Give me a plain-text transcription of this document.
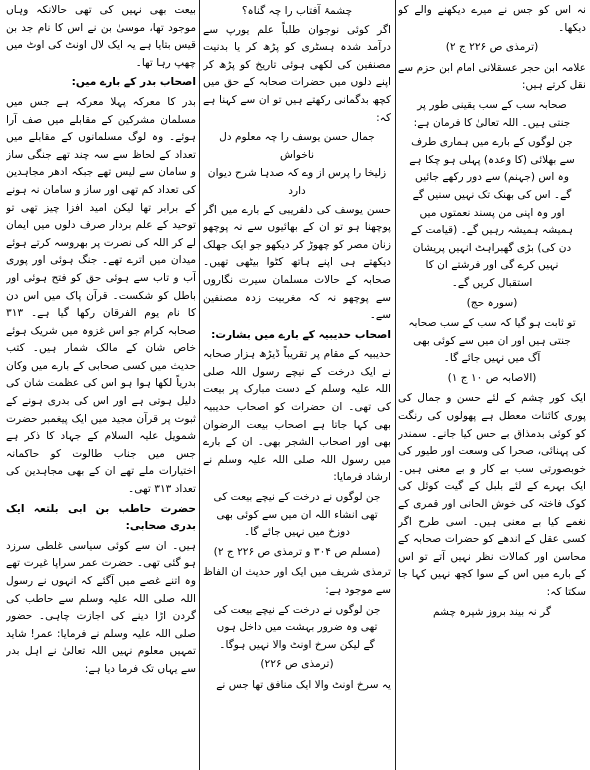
نہ اس کو جس نے میرے دیکھنے والے کو دیکھا۔
(ترمذی ص ۲۲۶ ج ۲)
علامہ ابن حجر عسقلانی امام ابن حزم سے نقل کرتے ہیں:
صحابہ سب کے سب یقینی طور پر جنتی ہیں۔ اللہ تعالیٰ کا فرمان ہے:
جن لوگوں کے بارے میں ہماری طرف سے بھلائی (کا وعدہ) پہلی ہو چکا ہے وہ اس (جہنم) سے دور رکھے جائیں گے۔ اس کی بھنک تک نہیں سنیں گے اور وہ اپنی من پسند نعمتوں میں ہمیشہ ہمیشہ رہیں گے۔ (قیامت کے دن کی) بڑی گھبراہٹ انہیں پریشان نہیں کرے گی اور فرشتے ان کا استقبال کریں گے۔
(سورہ حج)
تو ثابت ہو گیا کہ سب کے سب صحابہ جنتی ہیں اور ان میں سے کوئی بھی آگ میں نہیں جائے گا۔
(الاصابہ ص ۱۰ ج ۱)
ایک کور چشم کے لئے حسن و جمال کی پوری کائنات معطل ہے پھولوں کی رنگت کو کوئی بدمذاق بے حس کیا جانے۔ سمندر کی پہنائی، صحرا کی وسعت اور طیور کی خوبصورتی سب بے کار و بے معنی ہیں۔ ایک بہرے کے لئے بلبل کے گیت کوئل کی کوک فاختہ کی خوش الحانی اور قمری کے نغمے کیا بے معنی ہیں۔ اسی طرح اگر کسی عقل کے اندھے کو حضرات صحابہ کے محاسن اور کمالات نظر نہیں آتے تو اس کے بارے میں اس کے سوا کچھ نہیں کہا جا سکتا کہ:
گر نہ بیند بروز شپرہ چشم
چشمۂ آفتاب را چہ گناہ؟
اگر کوئی نوجوان طلباً علم یورپ سے درآمد شدہ ہسٹری کو پڑھ کر یا بدنیت مصنفین کی لکھی ہوئی تاریخ کو پڑھ کر اپنے دلوں میں حضرات صحابہ کے حق میں کچھ بدگمانی رکھتے ہیں تو ان سے کہنا ہے کہ:
جمال حسن یوسف را چہ معلوم دل ناخواش
زلیخا را پرس از وے کہ صدہا شرح دیوان دارد
حسن یوسف کی دلفریبی کے بارے میں اگر پوچھنا ہو تو ان کے بھائیوں سے نہ پوچھو زنان مصر کو چھوڑ کر دیکھو جو ایک جھلک دیکھتے ہی اپنے ہاتھ کٹوا بیٹھی تھیں۔ صحابہ کے حالات مسلمان سیرت نگاروں سے پوچھو نہ کہ مغربیت زدہ مصنفین سے۔
اصحاب حدیبیہ کے بارے میں بشارت:
حدیبیہ کے مقام پر تقریباً ڈیڑھ ہزار صحابہ نے ایک درخت کے نیچے رسول اللہ صلی اللہ علیہ وسلم کے دست مبارک پر بیعت کی تھی۔ ان حضرات کو اصحاب حدیبیہ بھی کہا جاتا ہے اصحاب بیعت الرضوان بھی اور اصحاب الشجر بھی۔ ان کے بارے میں رسول اللہ صلی اللہ علیہ وسلم نے ارشاد فرمایا:
جن لوگوں نے درخت کے نیچے بیعت کی تھی انشاء اللہ ان میں سے کوئی بھی دوزخ میں نہیں جائے گا۔
(مسلم ص ۳۰۴ و ترمذی ص ۲۲۶ ج ۲)
ترمذی شریف میں ایک اور حدیث ان الفاظ سے موجود ہے:
جن لوگوں نے درخت کے نیچے بیعت کی تھی وہ ضرور بہشت میں داخل ہوں گے لیکن سرخ اونٹ والا نہیں ہوگا۔
(ترمذی ص ۲۲۶)
یہ سرخ اونٹ والا ایک منافق تھا جس نے
بیعت بھی نہیں کی تھی حالانکہ وہاں موجود تھا، موسیٰ بن نے اس کا نام جد بن قیس بتایا ہے یہ ایک لال اونٹ کی اوٹ میں چھپ رہا تھا۔
اصحاب بدر کے بارے میں:
بدر کا معرکہ پہلا معرکہ ہے جس میں مسلمان مشرکین کے مقابلے میں صف آرا ہوئے۔ وہ لوگ مسلمانوں کے مقابلے میں تعداد کے لحاظ سے سہ چند تھے جنگی ساز و سامان سے لیس تھے جبکہ ادھر مجاہدین کی تعداد کم تھی اور ساز و سامان نہ ہونے کے برابر تھا لیکن امید افزا چیز تھی تو توحید کے علم بردار صرف دلوں میں ایمان لے کر اللہ کی نصرت پر بھروسہ کرتے ہوئے میدان میں اترے تھے۔ جنگ ہوئی اور پوری آب و تاب سے ہوئی حق کو فتح ہوئی اور باطل کو شکست۔ قرآن پاک میں اس دن کا نام یوم الفرقان رکھا گیا ہے۔ ۳۱۳ صحابہ کرام جو اس غزوہ میں شریک ہوئے خاص شان کے مالک شمار ہیں۔ کتب حدیث میں کسی صحابی کے بارے میں وکان بدریاً لکھا ہوا ہو اس کی عظمت شان کی دلیل ہوتی ہے اور اس کی بدری ہونے کے ثبوت پر قرآن مجید میں ایک پیغمبر حضرت شمویل علیہ السلام کے جہاد کا ذکر ہے جس میں جناب طالوت کو حاکمانہ اختیارات ملے تھے ان کے بھی مجاہدین کی تعداد ۳۱۳ تھی۔
حضرت حاطب بن ابی بلتعہ ایک بدری صحابی:
ہیں۔ ان سے کوئی سیاسی غلطی سرزد ہو گئی تھی۔ حضرت عمر سراپا غیرت تھے وہ اتنے غصے میں آگئے کہ انہوں نے رسول اللہ صلی اللہ علیہ وسلم سے حاطب کی گردن اڑا دینے کی اجازت چاہی۔ حضور صلی اللہ علیہ وسلم نے فرمایا: عمر! شاید تمہیں معلوم نہیں اللہ تعالیٰ نے اہل بدر سے یہاں تک فرما دیا ہے:
